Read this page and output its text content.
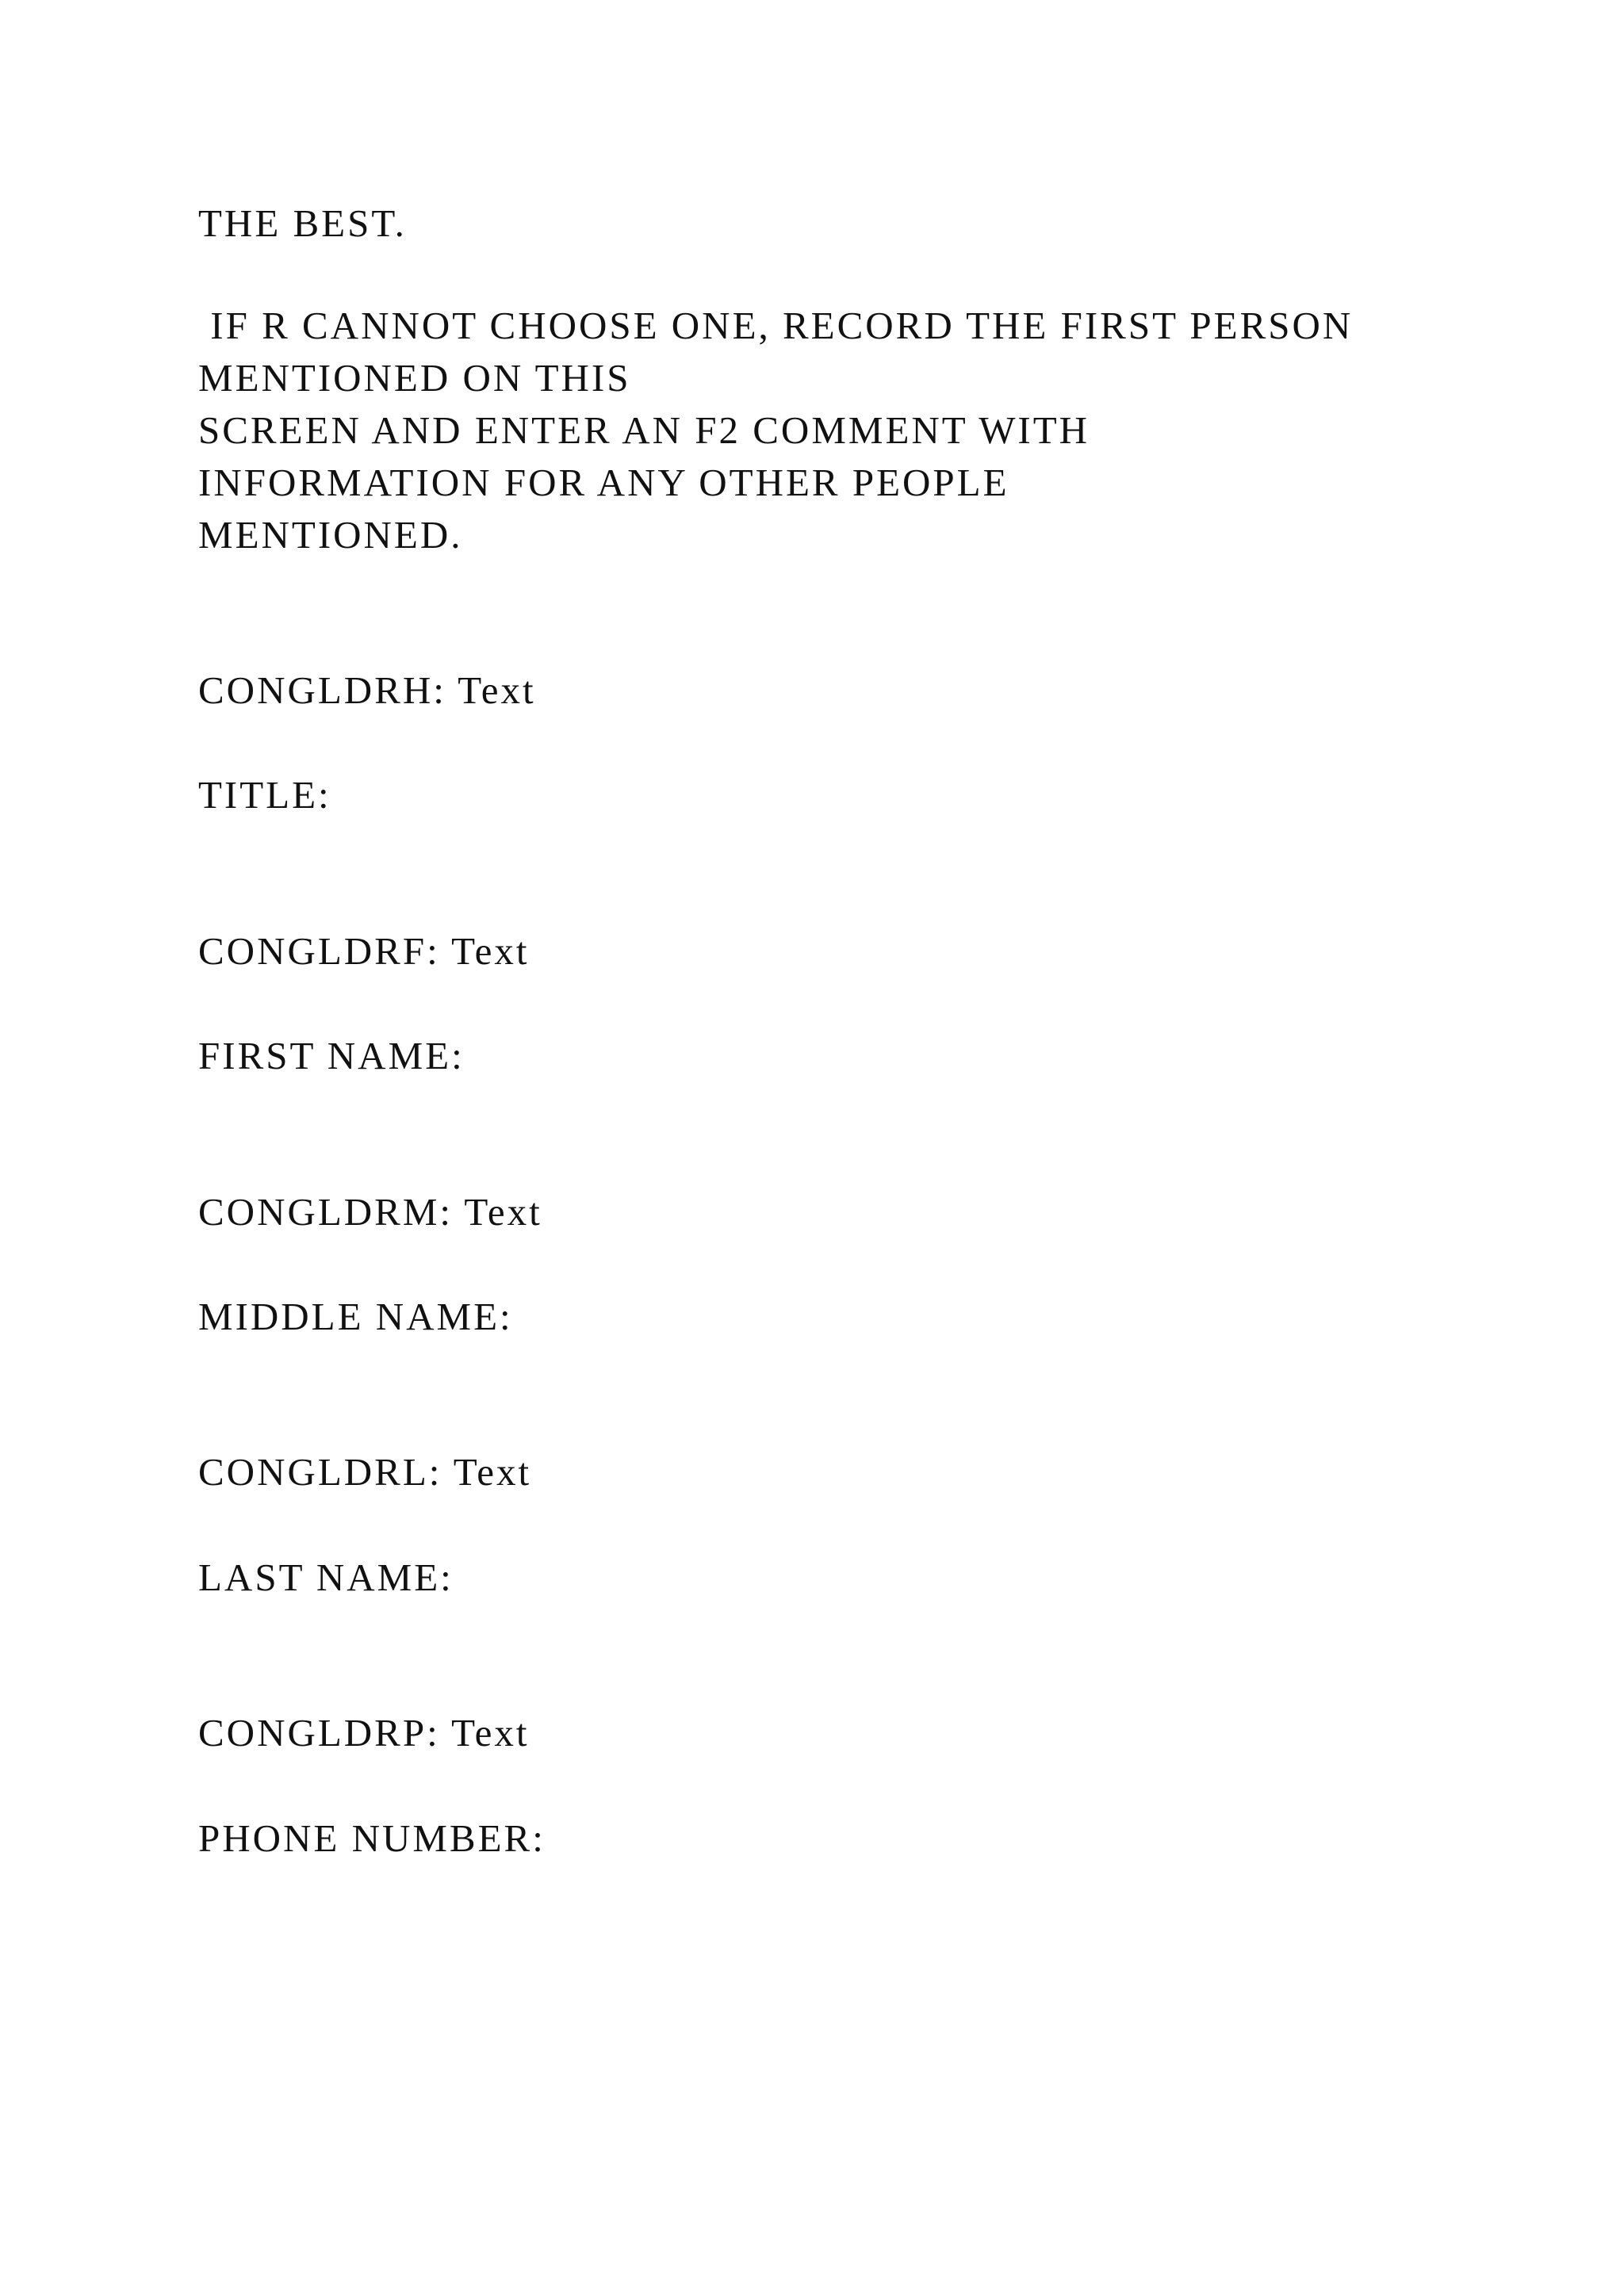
THE BEST.

IF R CANNOT CHOOSE ONE, RECORD THE FIRST PERSON

MENTIONED ON THIS

SCREEN AND ENTER AN F2 COMMENT WITH

INFORMATION FOR ANY OTHER PEOPLE

MENTIONED.

CONGLDRH: Text

TITLE:

CONGLDRF: Text

FIRST NAME:

CONGLDRM: Text

MIDDLE NAME:

CONGLDRL: Text

LAST NAME:

CONGLDRP: Text

PHONE NUMBER:
